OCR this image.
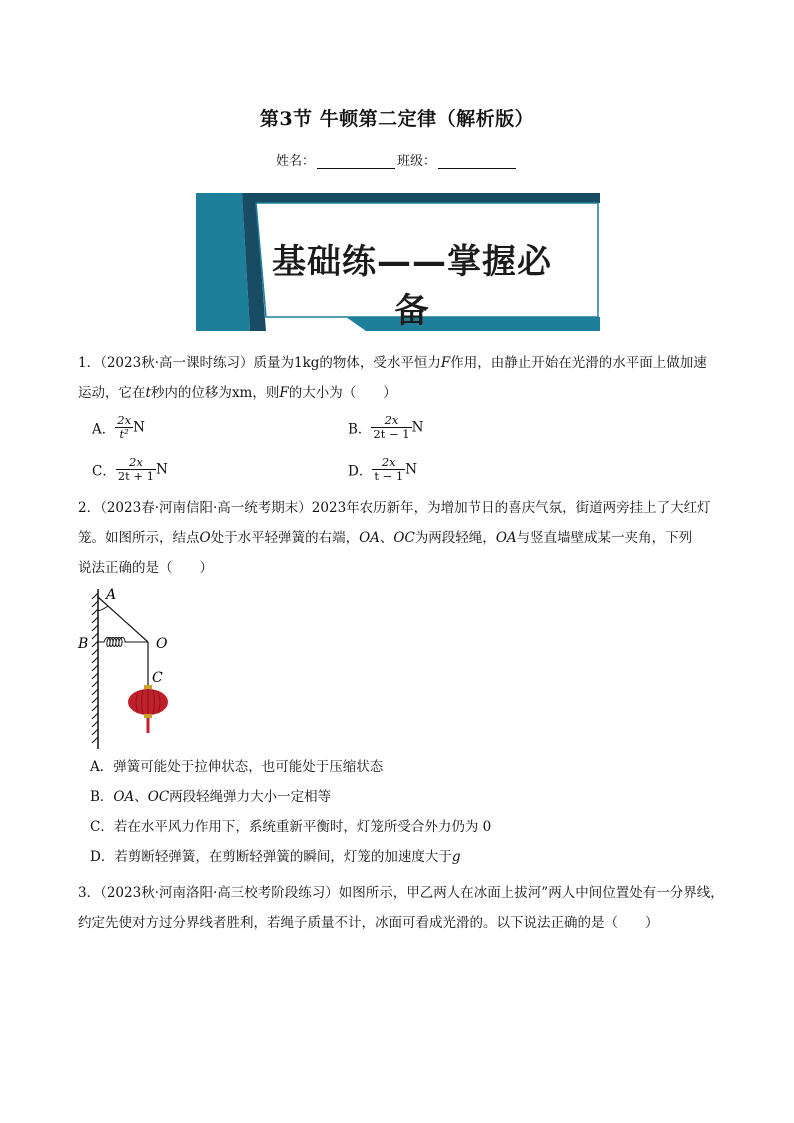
第3节 牛顿第二定律（解析版）
姓名：	班级：
基础练——掌握必备

1．（2023秋·高一课时练习）质量为1kg的物体，受水平恒力F作用，由静止开始在光滑的水平面上做加速

运动，它在t秒内的位移为xm，则F的大小为（　　）

A． $\frac{2x}{\text{t²}}$ N	B． $\frac{2x}{2t - 1}$ N
C． $\frac{2x}{2t + 1}$ N	D． $\frac{2x}{t - 1}$ N

2．（2023春·河南信阳·高一统考期末）2023年农历新年，为增加节日的喜庆气氛，街道两旁挂上了大红灯

笼。如图所示，结点O处于水平轻弹簧的右端，OA、OC为两段轻绳，OA与竖直墙壁成某一夹角，下列

说法正确的是（　　）

A
B	O
C

A．弹簧可能处于拉伸状态，也可能处于压缩状态

B．OA、OC两段轻绳弹力大小一定相等

C．若在水平风力作用下，系统重新平衡时，灯笼所受合外力仍为 0

D．若剪断轻弹簧，在剪断轻弹簧的瞬间，灯笼的加速度大于g

3．（2023秋·河南洛阳·高三校考阶段练习）如图所示，甲乙两人在冰面上拔河”两人中间位置处有一分界线，

约定先使对方过分界线者胜利，若绳子质量不计，冰面可看成光滑的。以下说法正确的是（　　）
